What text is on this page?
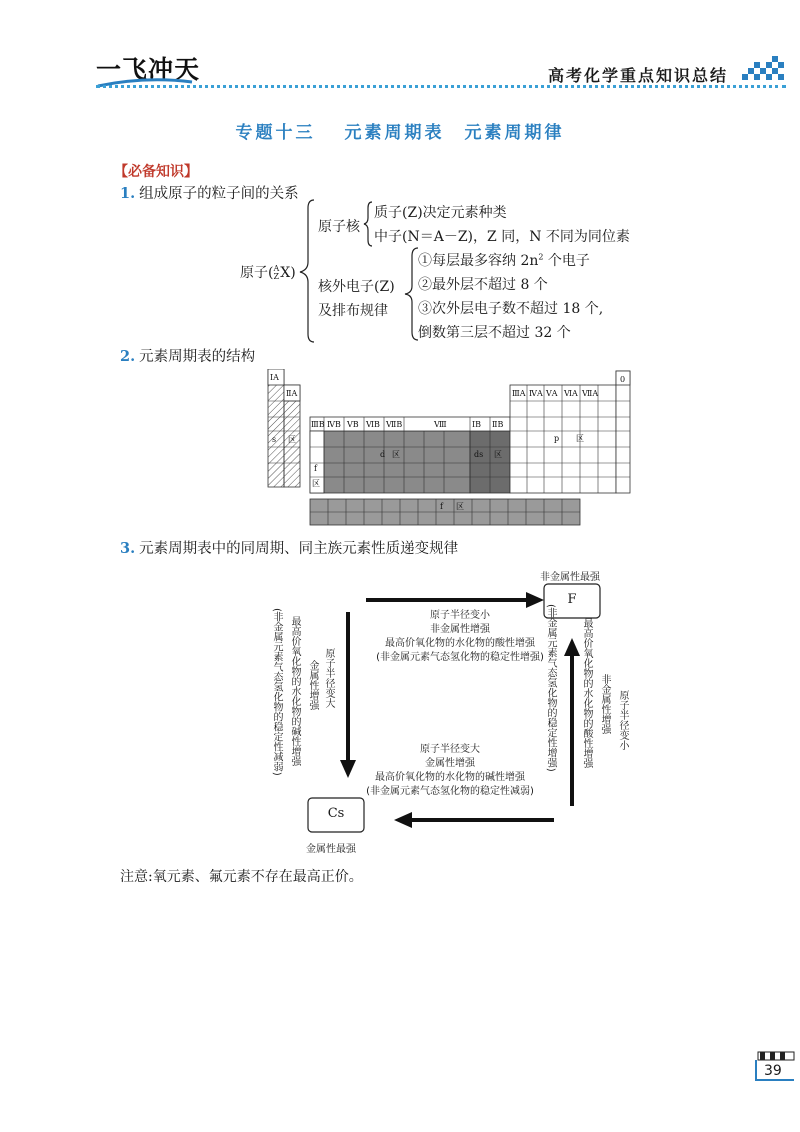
一飞冲天	高考化学重点知识总结
专题十三　 元素周期表　元素周期律
【必备知识】
1. 组成原子的粒子间的关系
原子( A
Z X)
原子核
质子(Z)决定元素种类
中子(N＝A－Z)，Z 同，N 不同为同位素
核外电子(Z)
及排布规律
①每层最多容纳 $2n^2$ 个电子
②最外层不超过 8 个
③次外层电子数不超过 18 个,
倒数第三层不超过 32 个
2. 元素周期表的结构
ⅠA
ⅡA
ⅢB ⅣB ⅤB ⅥB ⅦB	Ⅷ	ⅠB ⅡB
ⅢA ⅣA ⅤA ⅥA ⅦA
0
s 区
d 区	ds 区
p 区
f
区
f 区
3. 元素周期表中的同周期、同主族元素性质递变规律
非金属性最强
F
Cs
金属性最强
原子半径变小
非金属性增强
最高价氧化物的水化物的酸性增强
(非金属元素气态氢化物的稳定性增强)
原子半径变大
金属性增强
最高价氧化物的水化物的碱性增强
(非金属元素气态氢化物的稳定性减弱)
(非金属元素气态氢化物的稳定性减弱) 最高价氧化物的水化物的碱性增强 金属性增强 原子半径变大	(非金属元素气态氢化物的稳定性增强)	最高价氧化物的水化物的酸性增强 非金属性增强 原子半径变小
注意:氧元素、氟元素不存在最高正价。
39
